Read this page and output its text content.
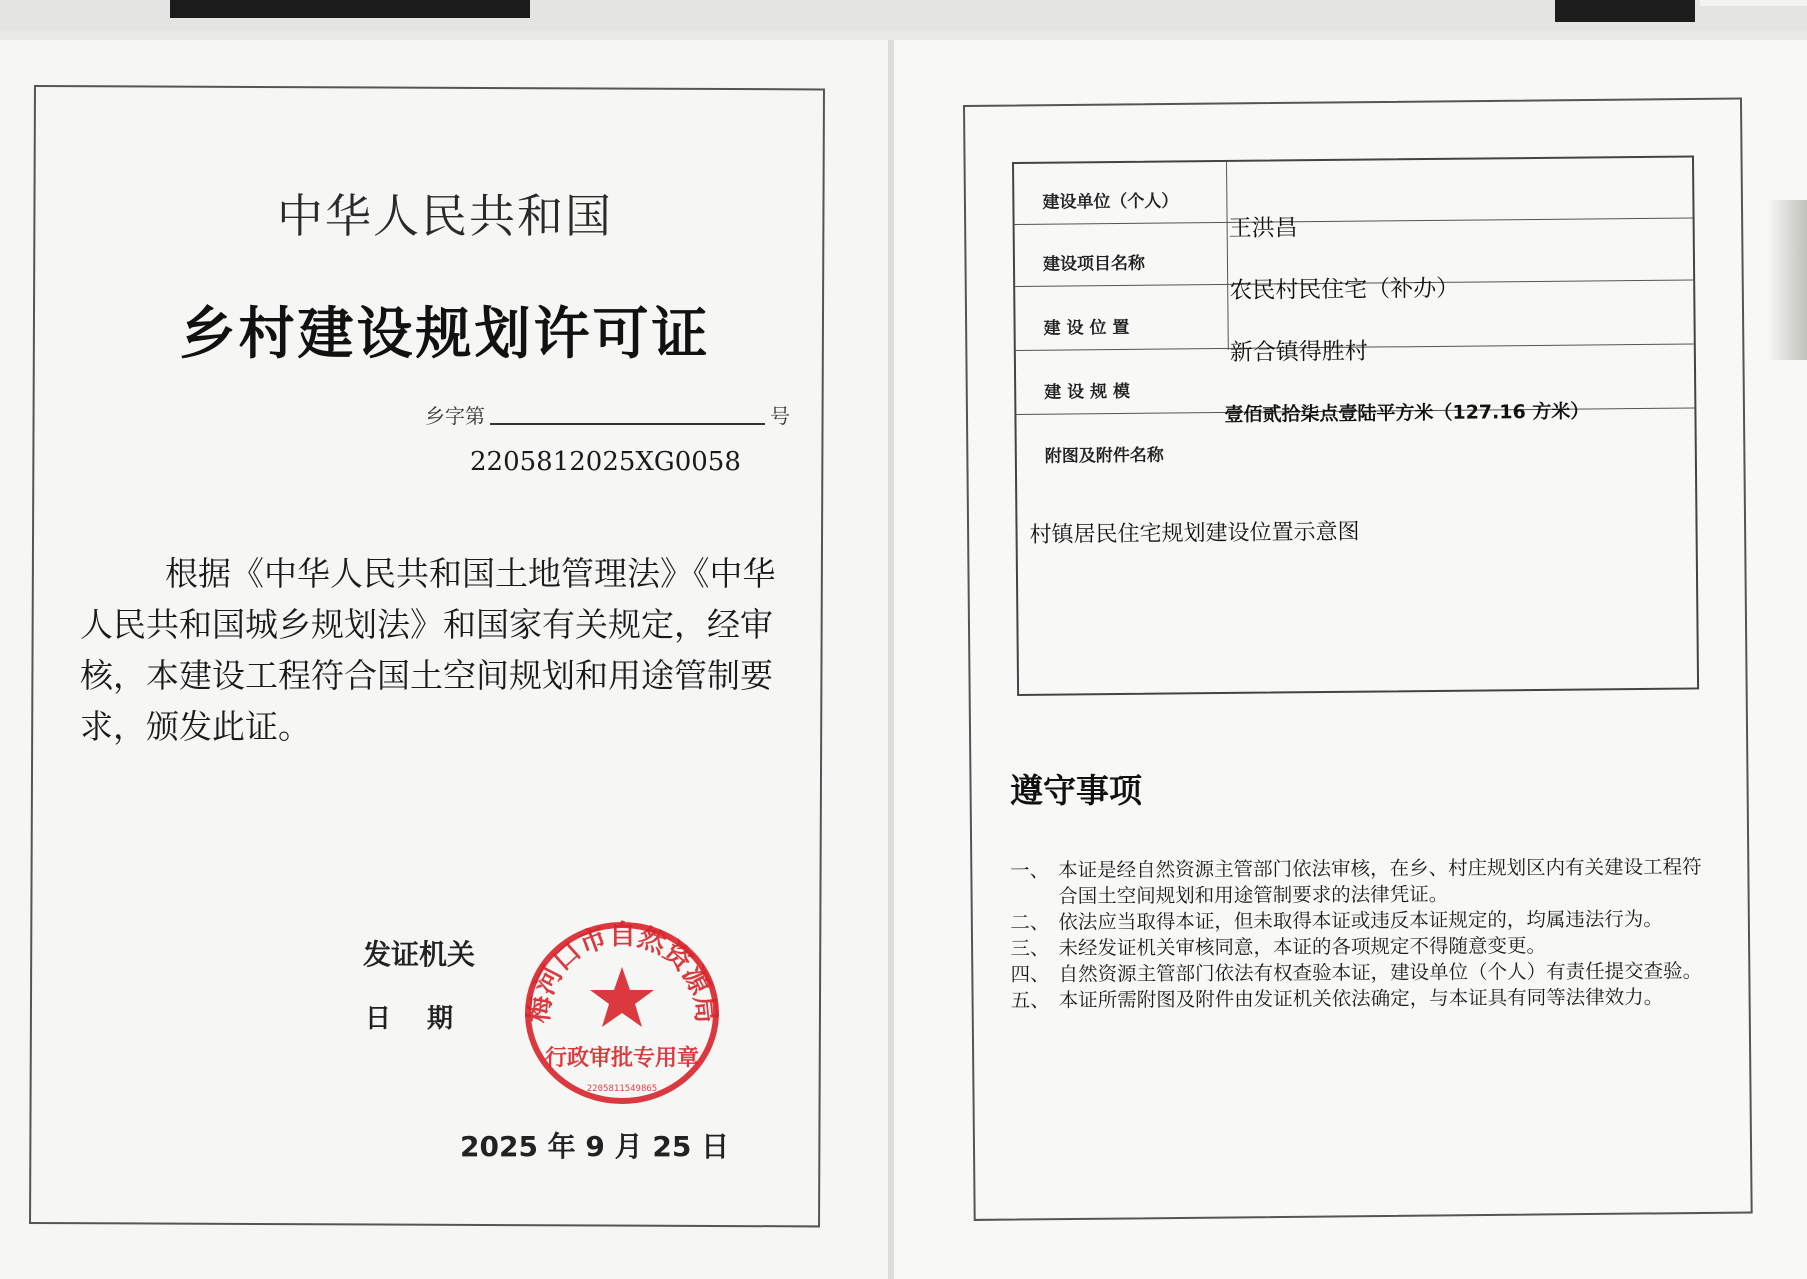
中华人民共和国
乡村建设规划许可证
乡字第	号
2205812025XG0058

根据《中华人民共和国土地管理法》《中华人民共和国城乡规划法》和国家有关规定，经审核，本建设工程符合国土空间规划和用途管制要求，颁发此证。

发证机关
日期 梅河口市自然资源局
行政审批专用章
2205811549865
2025 年 9 月 25 日
建设单位（个人）
王洪昌
建设项目名称
农民村民住宅（补办）
建 设 位 置
新合镇得胜村
建 设 规 模
壹佰贰拾柒点壹陆平方米（127.16 方米）
附图及附件名称
村镇居民住宅规划建设位置示意图
遵守事项

一、 本证是经自然资源主管部门依法审核，在乡、村庄规划区内有关建设工程符合国土空间规划和用途管制要求的法律凭证。

二、 依法应当取得本证，但未取得本证或违反本证规定的，均属违法行为。

三、 未经发证机关审核同意，本证的各项规定不得随意变更。

四、 自然资源主管部门依法有权查验本证，建设单位（个人）有责任提交查验。

五、 本证所需附图及附件由发证机关依法确定，与本证具有同等法律效力。
